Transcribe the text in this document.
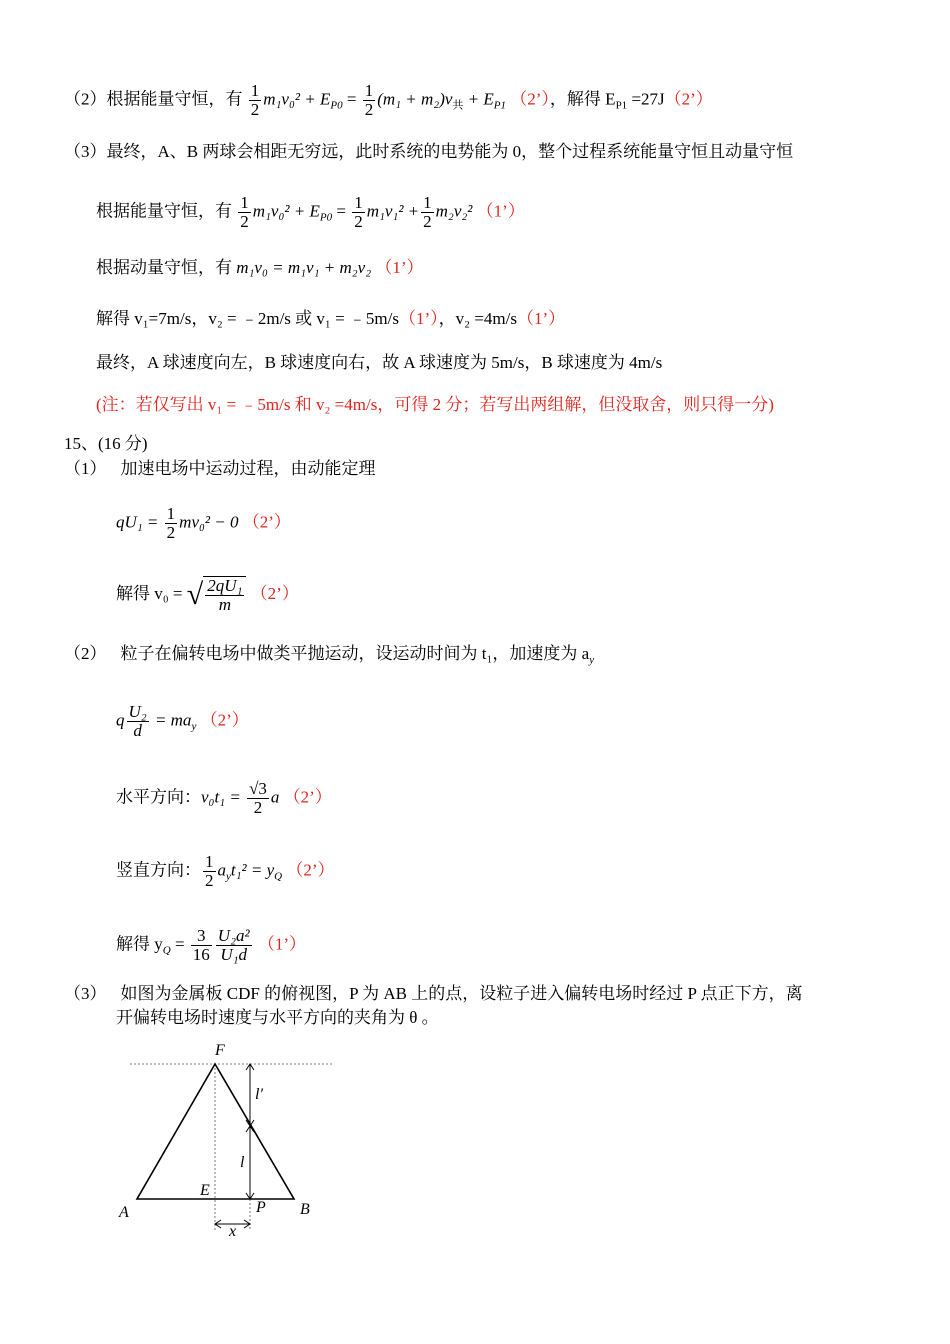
（2）根据能量守恒，有 $\frac{1}{2} m_1v_0^2 + E_{P0} = \frac{1}{2} (m_1 + m_2)v_共 + E_{P1}$ （2’），解得 $E_{P1}$ =27J（2’）
（3）最终，A、B 两球会相距无穷远，此时系统的电势能为 0，整个过程系统能量守恒且动量守恒
根据能量守恒，有 $\frac{1}{2} m_1v_0^2 + E_{P0} = \frac{1}{2} m_1v_1^2 + \frac{1}{2} m_2v_2^2$ （1’）
根据动量守恒，有 m₁v₀ = m₁v₁ + m₂v₂ （1’）
解得 v₁=7m/s，v₂ = ﹣2m/s 或 v₁ = ﹣5m/s（1’），v₂ =4m/s（1’）
最终，A 球速度向左，B 球速度向右，故 A 球速度为 5m/s，B 球速度为 4m/s
(注：若仅写出 v₁ = ﹣5m/s 和 v₂ =4m/s，可得 2 分；若写出两组解，但没取舍，则只得一分)
15、(16 分)
（1） 加速电场中运动过程，由动能定理
$qU_1 = \frac{1}{2} mv_0^2 - 0$ （2’）
解得 v₀ = √ $\frac{\text{2qU₁}}{m}$ （2’）
（2） 粒子在偏转电场中做类平抛运动，设运动时间为 t₁，加速度为 $a_y$
q $\frac{\text{U₂}}{d} = ma_y$ （2’）
水平方向：$v_0t_1 = \frac{√3}{2}$ a （2’）
竖直方向： $\frac{1}{2} a_yt_1^2 = y_Q$ （2’）
解得 $y_Q = \frac{3}{16} \frac{\text{U₂a²}}{\text{U₁d}}$ （1’）
（3） 如图为金属板 CDF 的俯视图，P 为 AB 上的点，设粒子进入偏转电场时经过 P 点正下方，离
开偏转电场时速度与水平方向的夹角为 θ 。
F
A	B
E
P
l′
l
x
